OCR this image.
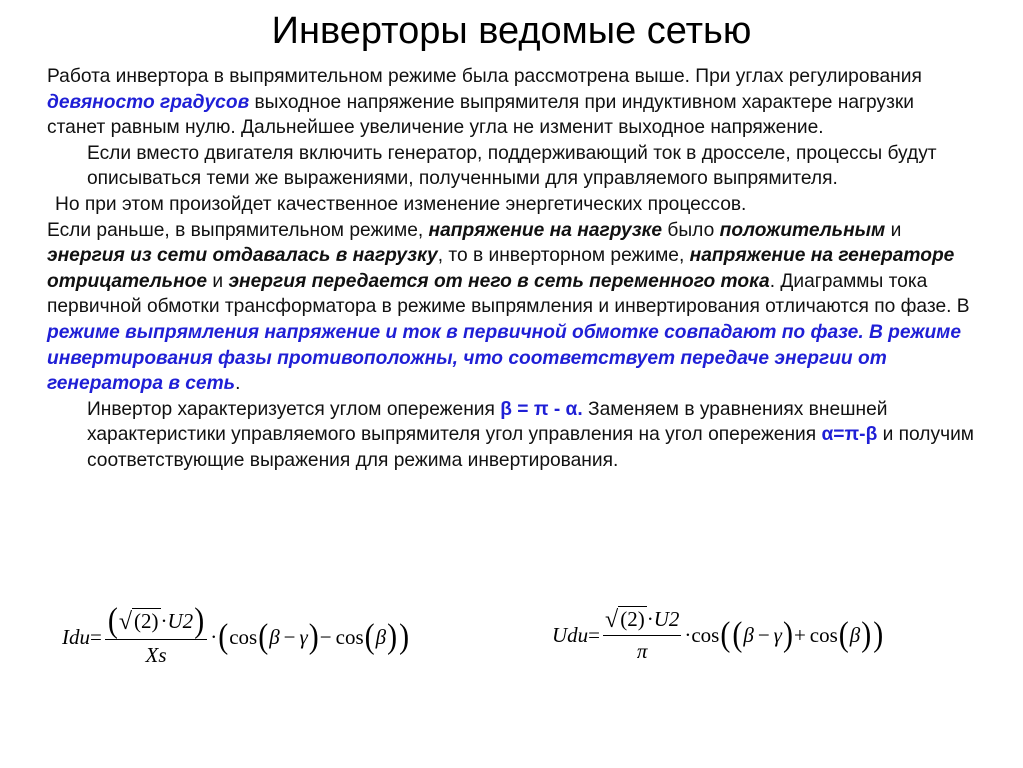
Инверторы ведомые сетью

Работа инвертора в выпрямительном режиме была рассмотрена выше. При углах регулирования девяносто градусов выходное напряжение выпрямителя при индуктивном характере нагрузки станет равным нулю. Дальнейшее увеличение угла не изменит выходное напряжение.

Если вместо двигателя включить генератор, поддерживающий ток в дросселе, процессы будут описываться теми же выражениями, полученными для управляемого выпрямителя.

Но при этом произойдет качественное изменение энергетических процессов.

Если раньше, в выпрямительном режиме, напряжение на нагрузке было положительным и энергия из сети отдавалась в нагрузку, то в инверторном режиме, напряжение на генераторе отрицательное и энергия передается от него в сеть переменного тока. Диаграммы тока первичной обмотки трансформатора в режиме выпрямления и инвертирования отличаются по фазе. В режиме выпрямления напряжение и ток в первичной обмотке совпадают по фазе. В режиме инвертирования фазы противоположны, что соответствует передаче энергии от генератора в сеть.

Инвертор характеризуется углом опережения β = π - α. Заменяем в уравнениях внешней характеристики управляемого выпрямителя угол управления на угол опережения α=π-β и получим соответствующие выражения для режима инвертирования.

Idu = ( √ ( 2 ) · U2 )
Xs
· ( cos ( β − γ ) − cos ( β ) )	Udu = $\frac{√ ( 2 ) \cdot U2}{\pi} \cdot \cos$ ( ( β − γ ) + cos ( β ) )
